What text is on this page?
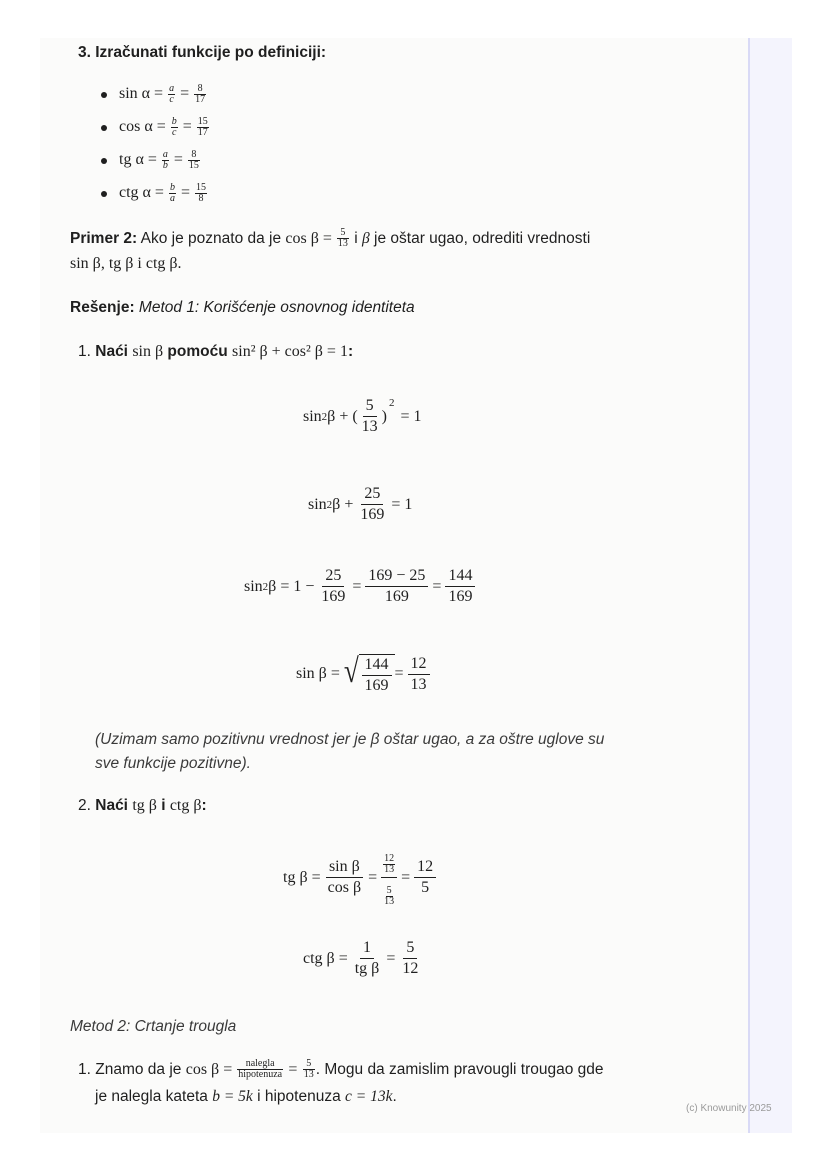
3. Izračunati funkcije po definiciji:
$\sin \alpha = \frac{a}{c} = \frac{8}{17}$
$\cos \alpha = \frac{b}{c} = \frac{15}{17}$
tg $\alpha = \frac{a}{b} = \frac{8}{15}$
ctg $\alpha = \frac{b}{a} = \frac{15}{8}$
Primer 2: Ako je poznato da je $\cos \beta = \frac{5}{13}$ i β je oštar ugao, odrediti vrednosti
sin β, tg β i ctg β.
Rešenje: Metod 1: Korišćenje osnovnog identiteta
1. Naći sin β pomoću sin² β + cos² β = 1:
sin 2 β + ( $\frac{5}{13}$ )
$^2$
= 1
sin 2 $\beta + \frac{25}{169} = 1$
sin 2 $\beta = 1 - \frac{25}{169} = \frac{169 - 25}{169} = \frac{144}{169}$
sin β = √ $\frac{144}{169} = \frac{12}{13}$
(Uzimam samo pozitivnu vrednost jer je β oštar ugao, a za oštre uglove su
sve funkcije pozitivne).
2. Naći tg β i ctg β:
tg $\beta = \frac{\text{sin β}}{\text{cos β}} = \frac{\frac{12}{13}}{\frac{5}{13}} = \frac{12}{5}$
ctg $\beta = \frac{1}{\text{tg β}} = \frac{5}{12}$
Metod 2: Crtanje trougla
1. Znamo da je cos β = nalegla
hipotenuza = $\frac{5}{13}$ . Mogu da zamislim pravougli trougao gde
je nalegla kateta b = 5k i hipotenuza c = 13k.
(c) Knowunity 2025
